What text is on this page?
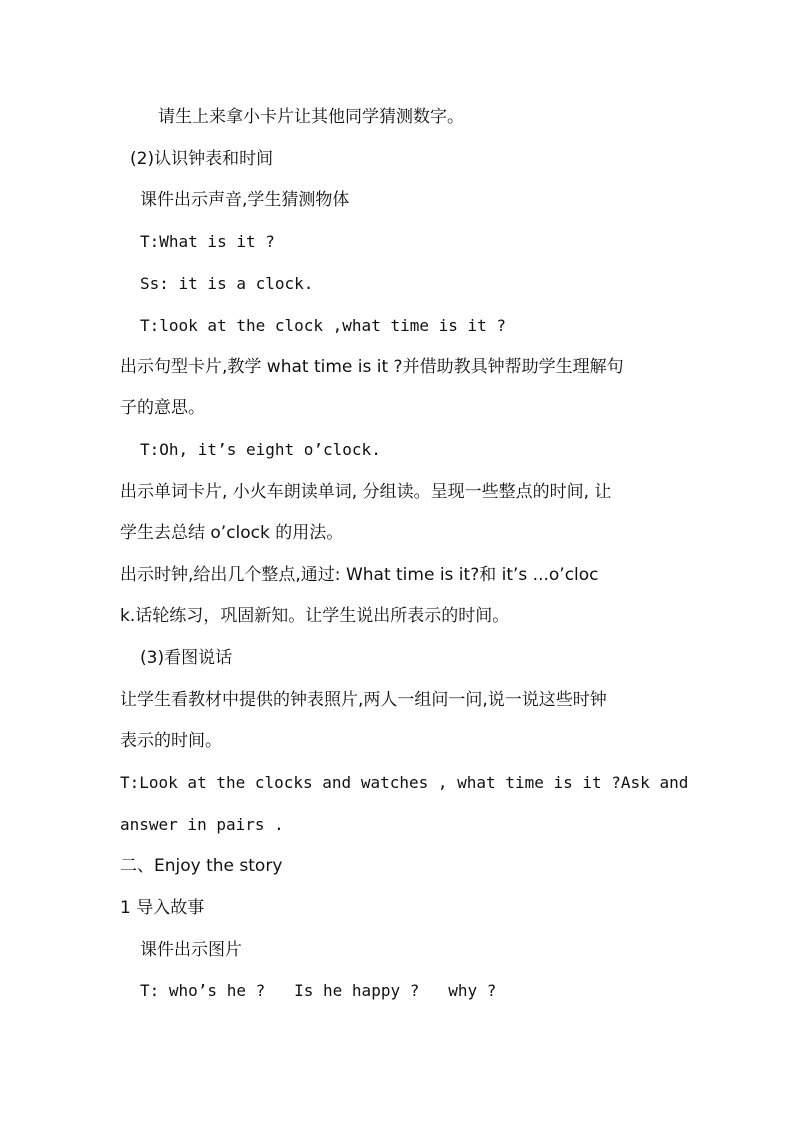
请生上来拿小卡片让其他同学猜测数字。
(2)认识钟表和时间
课件出示声音,学生猜测物体
T:What is it ?
Ss: it is a clock.
T:look at the clock ,what time is it ?
出示句型卡片,教学 what time is it ?并借助教具钟帮助学生理解句
子的意思。
T:Oh, it’s eight o’clock.
出示单词卡片, 小火车朗读单词, 分组读。呈现一些整点的时间, 让
学生去总结 o’clock 的用法。
出示时钟,给出几个整点,通过: What time is it?和 it’s ...o’cloc
k.话轮练习，巩固新知。让学生说出所表示的时间。
(3)看图说话
让学生看教材中提供的钟表照片,两人一组问一问,说一说这些时钟
表示的时间。
T:Look at the clocks and watches , what time is it ?Ask and
answer in pairs .
二、Enjoy the story
1 导入故事
课件出示图片
T: who’s he ?   Is he happy ?   why ?
